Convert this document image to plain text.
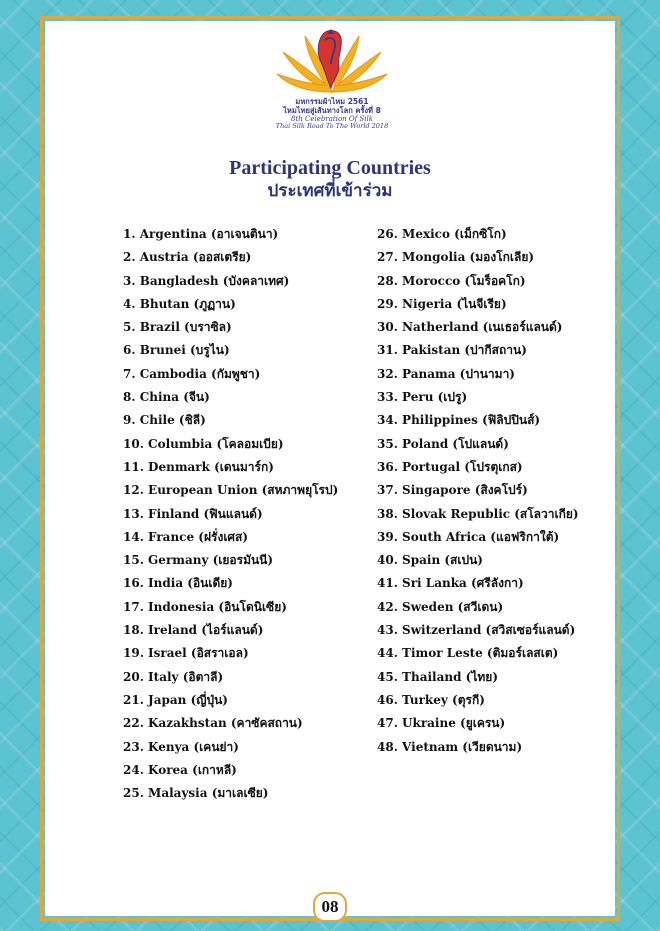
มหกรรมผ้าไหม 2561
ไหมไทยสู่เส้นทางโลก ครั้งที่ 8
8th Celebration Of Silk
Thai Silk Road To The World 2018
Participating Countries
ประเทศที่เข้าร่วม
1. Argentina (อาเจนตินา)
2. Austria (ออสเตรีย)
3. Bangladesh (บังคลาเทศ)
4. Bhutan (ภูฏาน)
5. Brazil (บราซิล)
6. Brunei (บรูไน)
7. Cambodia (กัมพูชา)
8. China (จีน)
9. Chile (ชิลี)
10. Columbia (โคลอมเบีย)
11. Denmark (เดนมาร์ก)
12. European Union (สหภาพยุโรป)
13. Finland (ฟินแลนด์)
14. France (ฝรั่งเศส)
15. Germany (เยอรมันนี)
16. India (อินเดีย)
17. Indonesia (อินโดนิเซีย)
18. Ireland (ไอร์แลนด์)
19. Israel (อิสราเอล)
20. Italy (อิตาลี)
21. Japan (ญี่ปุ่น)
22. Kazakhstan (คาซัคสถาน)
23. Kenya (เคนย่า)
24. Korea (เกาหลี)
25. Malaysia (มาเลเซีย)
26. Mexico (เม็กซิโก)
27. Mongolia (มองโกเลีย)
28. Morocco (โมร็อคโก)
29. Nigeria (ไนจีเรีย)
30. Natherland (เนเธอร์แลนด์)
31. Pakistan (ปากีสถาน)
32. Panama (ปานามา)
33. Peru (เปรู)
34. Philippines (ฟิลิปปินส์)
35. Poland (โปแลนด์)
36. Portugal (โปรตุเกส)
37. Singapore (สิงคโปร์)
38. Slovak Republic (สโลวาเกีย)
39. South Africa (แอฟริกาใต้)
40. Spain (สเปน)
41. Sri Lanka (ศรีลังกา)
42. Sweden (สวีเดน)
43. Switzerland (สวิสเซอร์แลนด์)
44. Timor Leste (ติมอร์เลสเต)
45. Thailand (ไทย)
46. Turkey (ตุรกี)
47. Ukraine (ยูเครน)
48. Vietnam (เวียดนาม)
08
